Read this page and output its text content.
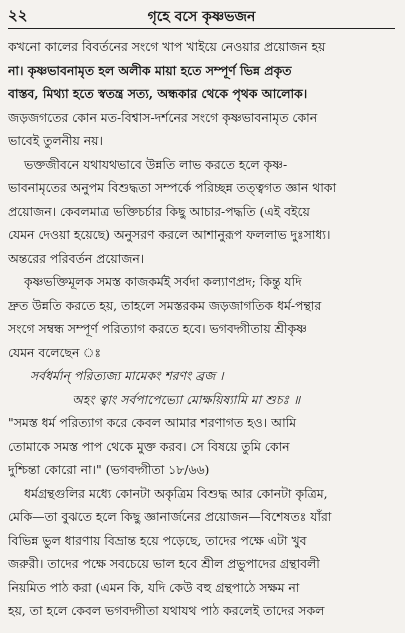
২২	গৃহে বসে কৃষ্ণভজন
কখনো কালের বিবর্তনের সংগে খাপ খাইয়ে নেওয়ার প্রয়োজন হয়
না। কৃষ্ণভাবনামৃত হল অলীক মায়া হতে সম্পূর্ণ ভিন্ন প্রকৃত
বাস্তব, মিথ্যা হতে স্বতন্ত্র সত্য, অন্ধকার থেকে পৃথক আলোক।
জড়জগতের কোন মত-বিশ্বাস-দর্শনের সংগে কৃষ্ণভাবনামৃত কোন
ভাবেই তুলনীয় নয়।
ভক্তজীবনে যথাযথভাবে উন্নতি লাভ করতে হলে কৃষ্ণ-
ভাবনামৃতের অনুপম বিশুদ্ধতা সম্পর্কে পরিচ্ছন্ন তত্ত্বগত জ্ঞান থাকা
প্রয়োজন। কেবলমাত্র ভক্তিচর্চার কিছু আচার-পদ্ধতি (এই বইয়ে
যেমন দেওয়া হয়েছে) অনুসরণ করলে আশানুরূপ ফললাভ দুঃসাধ্য।
অন্তরের পরিবর্তন প্রয়োজন।
কৃষ্ণভক্তিমূলক সমস্ত কাজকর্মই সর্বদা কল্যাণপ্রদ; কিন্তু যদি
দ্রুত উন্নতি করতে হয়, তাহলে সমস্তরকম জড়জাগতিক ধর্ম-পন্থার
সংগে সম্বন্ধ সম্পূর্ণ পরিত্যাগ করতে হবে। ভগবদ্গীতায় শ্রীকৃষ্ণ
যেমন বলেছেন ঃ
সর্বধর্মান্ পরিত্যজ্য মামেকং শরণং ব্রজ ।
অহং ত্বাং সর্বপাপেভ্যো মোক্ষয়িষ্যামি মা শুচঃ ॥
"সমস্ত ধর্ম পরিত্যাগ করে কেবল আমার শরণাগত হও। আমি
তোমাকে সমস্ত পাপ থেকে মুক্ত করব। সে বিষয়ে তুমি কোন
দুশ্চিন্তা কোরো না।" (ভগবদ্গীতা ১৮/৬৬)
ধর্মগ্রন্থগুলির মধ্যে কোনটা অকৃত্রিম বিশুদ্ধ আর কোনটা কৃত্রিম,
মেকি—তা বুঝতে হলে কিছু জ্ঞানার্জনের প্রয়োজন—বিশেষতঃ যাঁরা
বিভিন্ন ভুল ধারণায় বিভ্রান্ত হয়ে পড়েছে, তাদের পক্ষে এটা খুব
জরুরী। তাদের পক্ষে সবচেয়ে ভাল হবে শ্রীল প্রভুপাদের গ্রন্থাবলী
নিয়মিত পাঠ করা (এমন কি, যদি কেউ বহু গ্রন্থপাঠে সক্ষম না
হয়, তা হলে কেবল ভগবদ্গীতা যথাযথ পাঠ করলেই তাদের সকল
